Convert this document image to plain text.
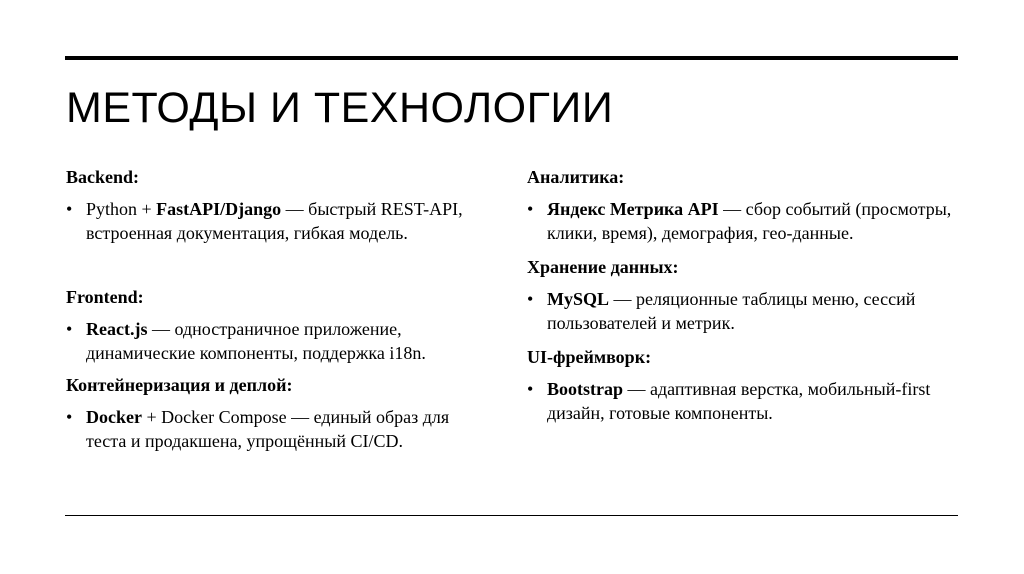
МЕТОДЫ И ТЕХНОЛОГИИ

Backend:

• Python + FastAPI/Django — быстрый REST-API, встроенная документация, гибкая модель.

Frontend:

• React.js — одностраничное приложение, динамические компоненты, поддержка i18n.

Контейнеризация и деплой:

• Docker + Docker Compose — единый образ для теста и продакшена, упрощённый CI/CD.

Аналитика:

• Яндекс Метрика API — сбор событий (просмотры, клики, время), демография, гео-данные.

Хранение данных:

• MySQL — реляционные таблицы меню, сессий пользователей и метрик.

UI-фреймворк:

• Bootstrap — адаптивная верстка, мобильный-first дизайн, готовые компоненты.
